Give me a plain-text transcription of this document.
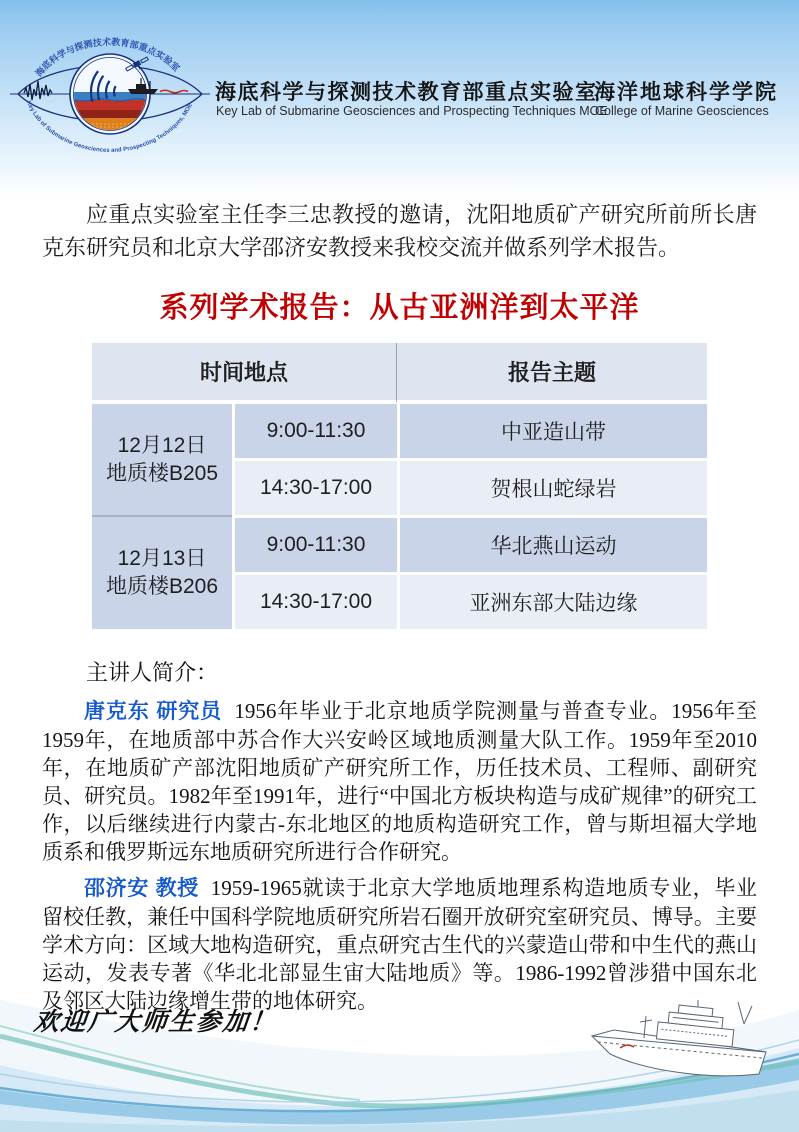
海底科学与探测技术教育部重点实验室
Key Lab of Submarine Geosciences and Prospecting Techniques, MOE
海底科学与探测技术教育部重点实验室
Key Lab of Submarine Geosciences and Prospecting Techniques MOE
海洋地球科学学院
College of Marine Geosciences

应重点实验室主任李三忠教授的邀请，沈阳地质矿产研究所前所长唐克东研究员和北京大学邵济安教授来我校交流并做系列学术报告。

系列学术报告：从古亚洲洋到太平洋
时间地点		报告主题
12月12日
地质楼B205	9:00-11:30	中亚造山带
	14:30-17:00	贺根山蛇绿岩
12月13日
地质楼B206	9:00-11:30	华北燕山运动
	14:30-17:00	亚洲东部大陆边缘
主讲人简介：

唐克东 研究员 1956年毕业于北京地质学院测量与普查专业。1956年至1959年，在地质部中苏合作大兴安岭区域地质测量大队工作。1959年至2010年，在地质矿产部沈阳地质矿产研究所工作，历任技术员、工程师、副研究员、研究员。1982年至1991年，进行“中国北方板块构造与成矿规律”的研究工作，以后继续进行内蒙古-东北地区的地质构造研究工作，曾与斯坦福大学地质系和俄罗斯远东地质研究所进行合作研究。

邵济安 教授 1959-1965就读于北京大学地质地理系构造地质专业，毕业留校任教，兼任中国科学院地质研究所岩石圈开放研究室研究员、博导。主要学术方向：区域大地构造研究，重点研究古生代的兴蒙造山带和中生代的燕山运动，发表专著《华北北部显生宙大陆地质》等。1986-1992曾涉猎中国东北及邻区大陆边缘增生带的地体研究。

欢迎广大师生参加！
